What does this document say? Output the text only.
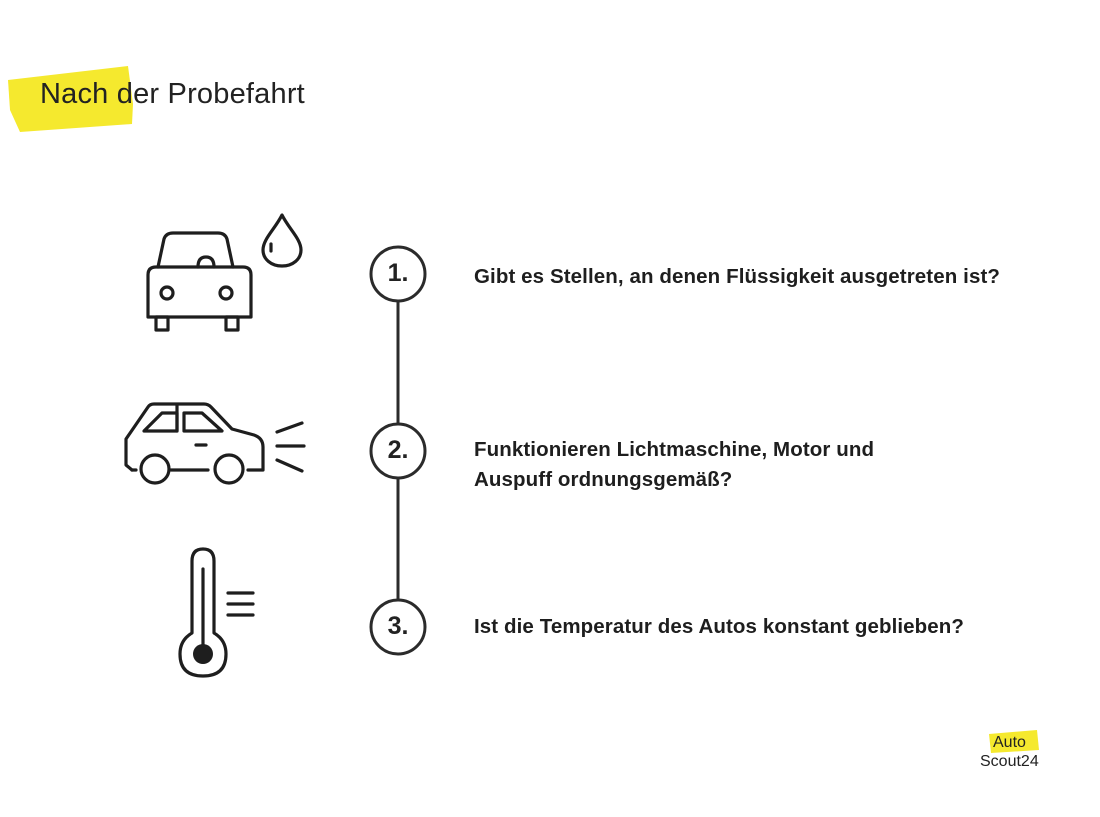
Nach der Probefahrt
1.
2.
3.
Gibt es Stellen, an denen Flüssigkeit ausgetreten ist?
Funktionieren Lichtmaschine, Motor und
Auspuff ordnungsgemäß?
Ist die Temperatur des Autos konstant geblieben?
Auto
Scout24
